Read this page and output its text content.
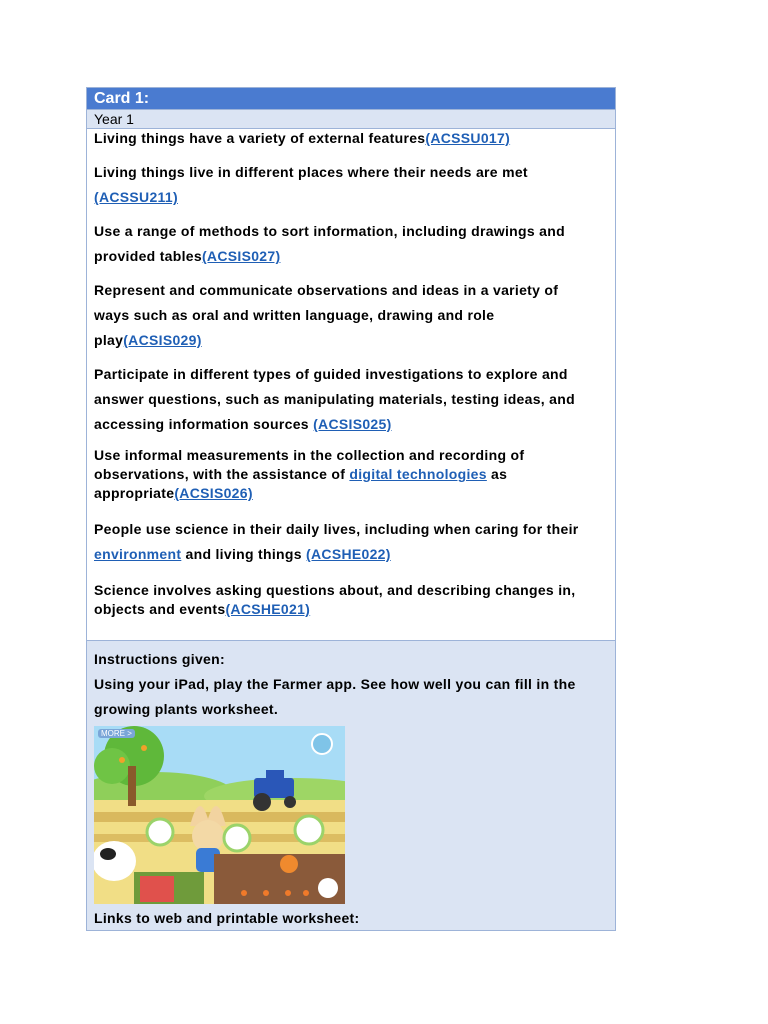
Card 1:
Year 1
Living things have a variety of external features(ACSSU017)
Living things live in different places where their needs are met (ACSSU211)
Use a range of methods to sort information, including drawings and provided tables(ACSIS027)
Represent and communicate observations and ideas in a variety of ways such as oral and written language, drawing and role play(ACSIS029)
Participate in different types of guided investigations to explore and answer questions, such as manipulating materials, testing ideas, and accessing information sources (ACSIS025)
Use informal measurements in the collection and recording of observations, with the assistance of digital technologies as appropriate(ACSIS026)
People use science in their daily lives, including when caring for their environment and living things (ACSHE022)
Science involves asking questions about, and describing changes in, objects and events(ACSHE021)
Instructions given:
Using your iPad, play the Farmer app. See how well you can fill in the growing plants worksheet.
MORE >
Links to web and printable worksheet:
